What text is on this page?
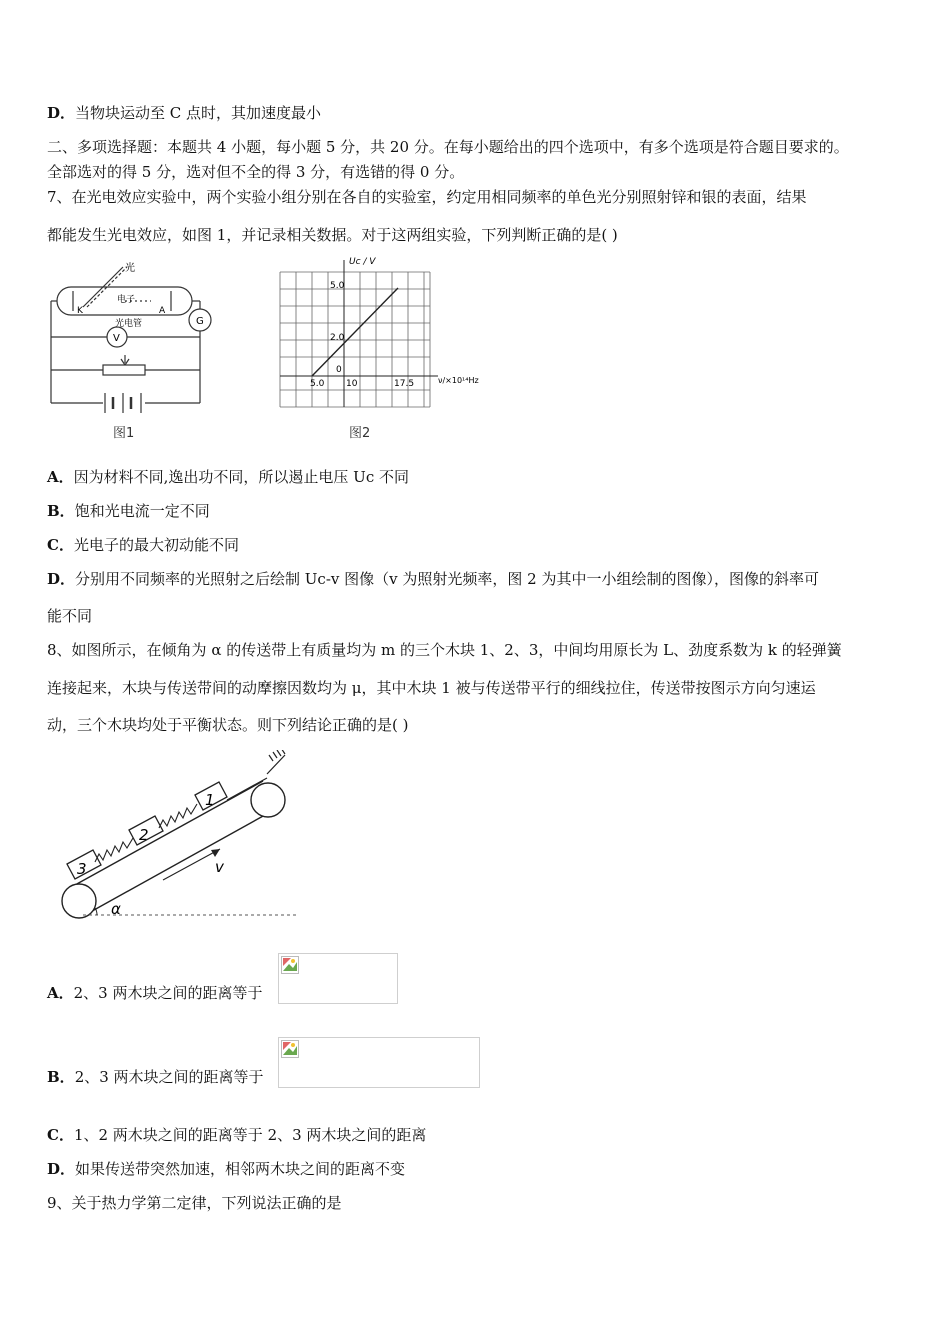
D．当物块运动至 C 点时，其加速度最小
二、多项选择题：本题共 4 小题，每小题 5 分，共 20 分。在每小题给出的四个选项中，有多个选项是符合题目要求的。
全部选对的得 5 分，选对但不全的得 3 分，有选错的得 0 分。
7、在光电效应实验中，两个实验小组分别在各自的实验室，约定用相同频率的单色光分别照射锌和银的表面，结果
都能发生光电效应，如图 1，并记录相关数据。对于这两组实验，下列判断正确的是( )
光
电子
光电管
K	A
G
V
图1
Uc / V
ν/×10¹⁴Hz
5.0
2.0
0
5.0 10	17.5
图2
A．因为材料不同,逸出功不同，所以遏止电压 Uc 不同
B．饱和光电流一定不同
C．光电子的最大初动能不同
D．分别用不同频率的光照射之后绘制 Uc-v 图像（v 为照射光频率，图 2 为其中一小组绘制的图像），图像的斜率可
能不同
8、如图所示，在倾角为 α 的传送带上有质量均为 m 的三个木块 1、2、3，中间均用原长为 L、劲度系数为 k 的轻弹簧
连接起来，木块与传送带间的动摩擦因数均为 μ，其中木块 1 被与传送带平行的细线拉住，传送带按图示方向匀速运
动，三个木块均处于平衡状态。则下列结论正确的是( )
3
2
1
v
α
A．2、3 两木块之间的距离等于
B．2、3 两木块之间的距离等于
C．1、2 两木块之间的距离等于 2、3 两木块之间的距离
D．如果传送带突然加速，相邻两木块之间的距离不变
9、关于热力学第二定律，下列说法正确的是
